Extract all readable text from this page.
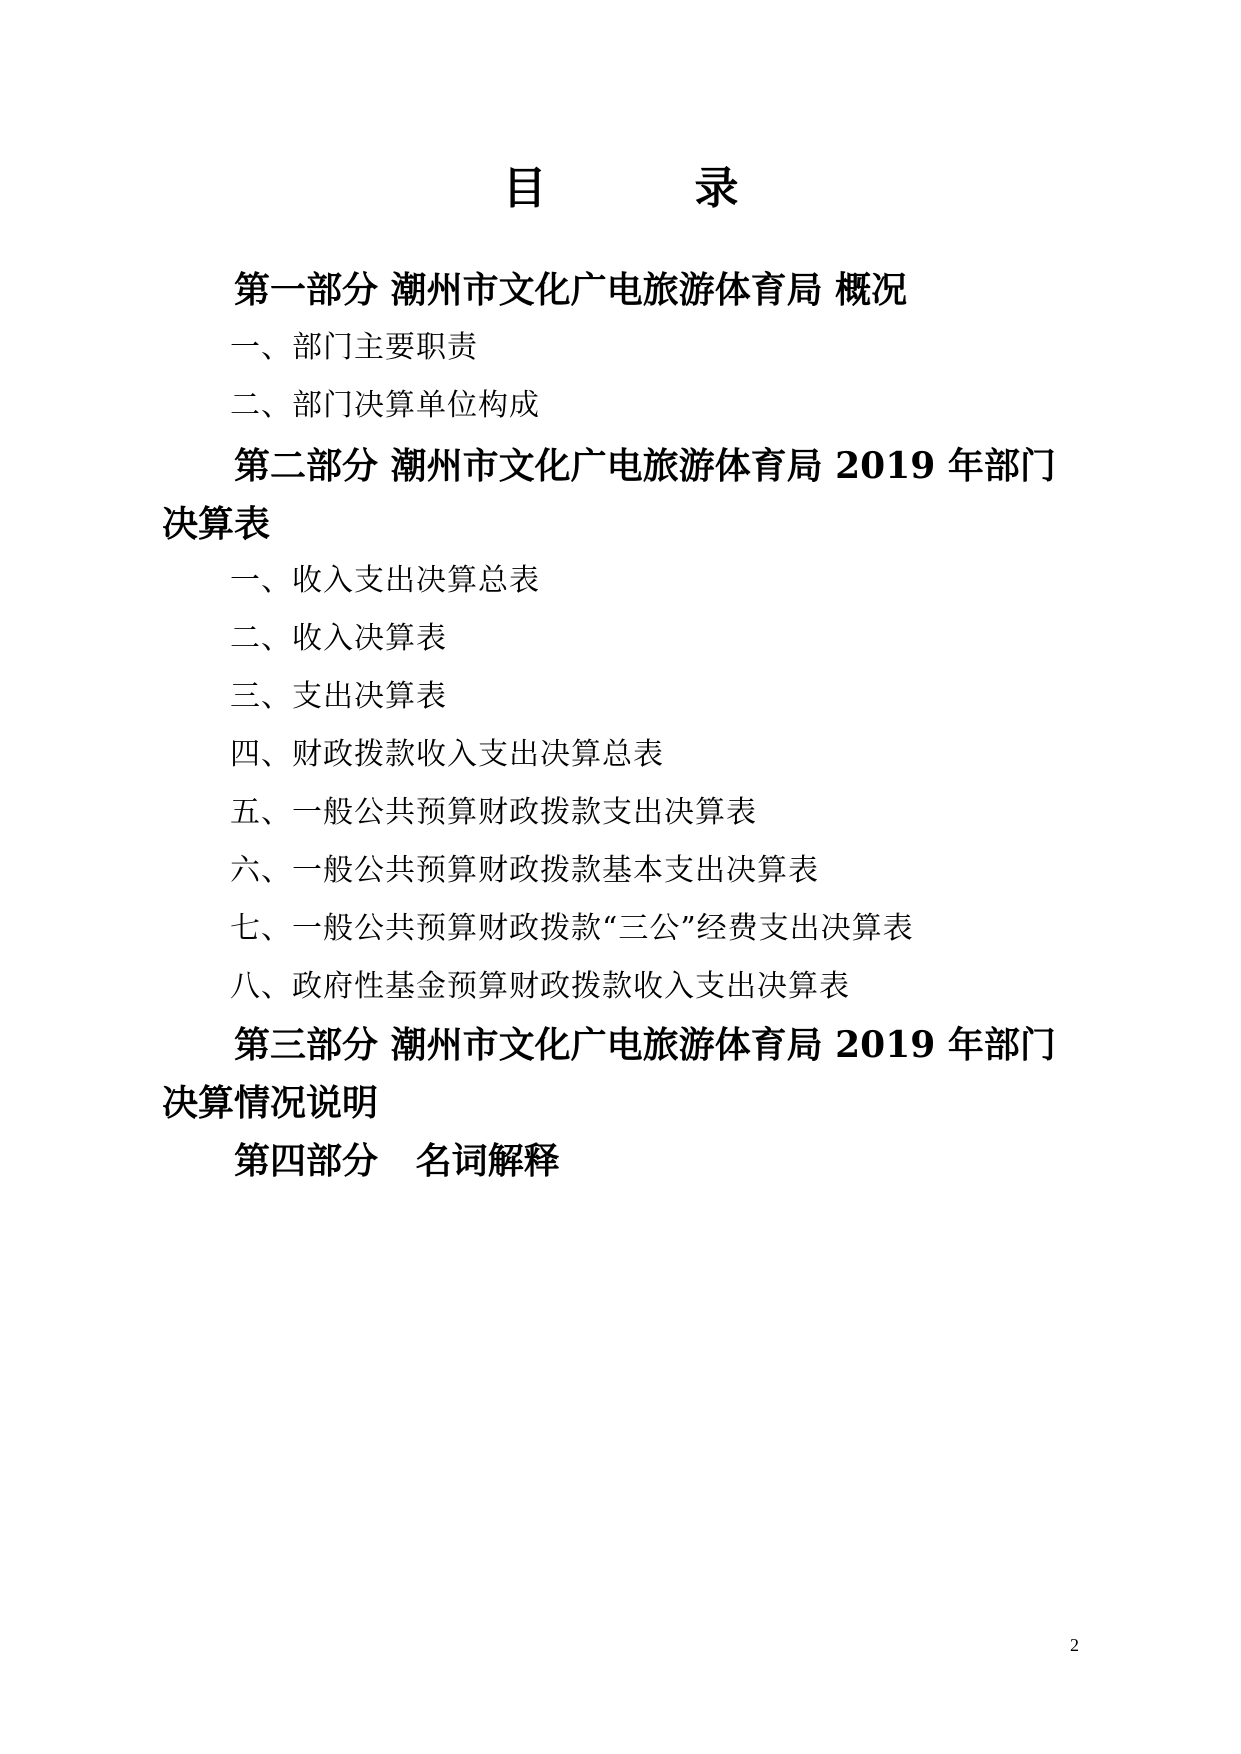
目	录
第一部分 潮州市文化广电旅游体育局 概况
一、部门主要职责
二、部门决算单位构成
第二部分 潮州市文化广电旅游体育局 2019 年部门
决算表
一、收入支出决算总表
二、收入决算表
三、支出决算表
四、财政拨款收入支出决算总表
五、一般公共预算财政拨款支出决算表
六、一般公共预算财政拨款基本支出决算表
七、一般公共预算财政拨款“三公”经费支出决算表
八、政府性基金预算财政拨款收入支出决算表
第三部分 潮州市文化广电旅游体育局 2019 年部门
决算情况说明
第四部分 名词解释
2
